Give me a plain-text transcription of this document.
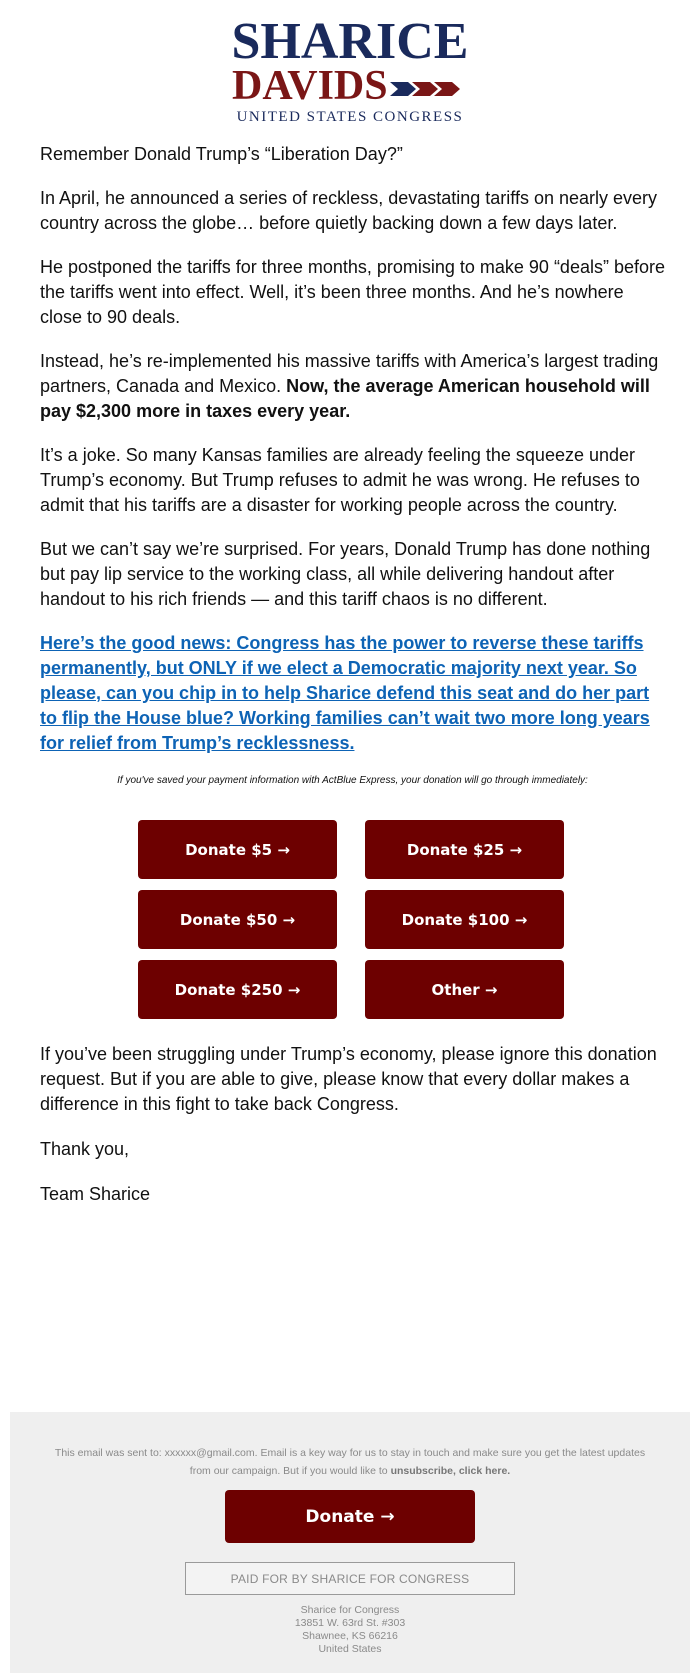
SHARICE
DAVIDS
UNITED STATES CONGRESS

Remember Donald Trump’s “Liberation Day?”

In April, he announced a series of reckless, devastating tariffs on nearly every country across the globe… before quietly backing down a few days later.

He postponed the tariffs for three months, promising to make 90 “deals” before the tariffs went into effect. Well, it’s been three months. And he’s nowhere close to 90 deals.

Instead, he’s re-implemented his massive tariffs with America’s largest trading partners, Canada and Mexico. Now, the average American household will pay $2,300 more in taxes every year.

It’s a joke. So many Kansas families are already feeling the squeeze under Trump’s economy. But Trump refuses to admit he was wrong. He refuses to admit that his tariffs are a disaster for working people across the country.

But we can’t say we’re surprised. For years, Donald Trump has done nothing but pay lip service to the working class, all while delivering handout after handout to his rich friends — and this tariff chaos is no different.

Here’s the good news: Congress has the power to reverse these tariffs permanently, but ONLY if we elect a Democratic majority next year. So please, can you chip in to help Sharice defend this seat and do her part to flip the House blue? Working families can’t wait two more long years for relief from Trump’s recklessness.

If you've saved your payment information with ActBlue Express, your donation will go through immediately:
Donate $5 →	Donate $25 →
Donate $50 →	Donate $100 →
Donate $250 →	Other →

If you’ve been struggling under Trump’s economy, please ignore this donation request. But if you are able to give, please know that every dollar makes a difference in this fight to take back Congress.

Thank you,

Team Sharice

This email was sent to: xxxxxx@gmail.com. Email is a key way for us to stay in touch and make sure you get the latest updates from our campaign. But if you would like to unsubscribe, click here.
Donate →
PAID FOR BY SHARICE FOR CONGRESS
Sharice for Congress
13851 W. 63rd St. #303
Shawnee, KS 66216
United States
